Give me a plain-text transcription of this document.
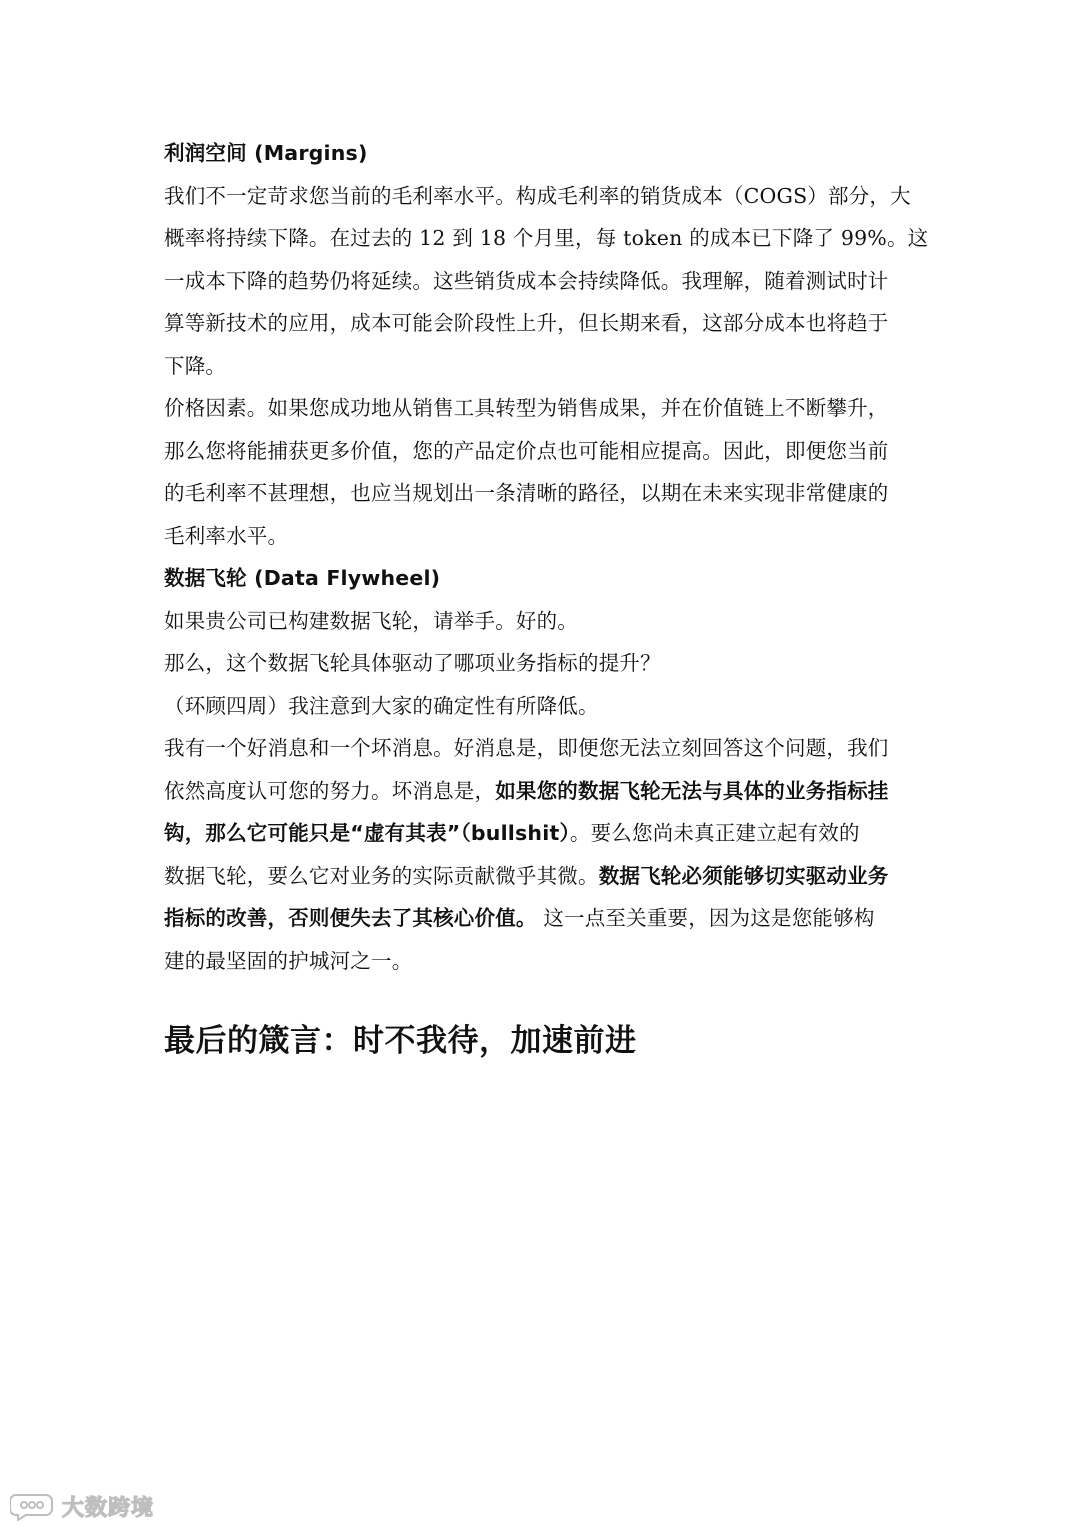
利润空间 (Margins)
我们不一定苛求您当前的毛利率水平。构成毛利率的销货成本（COGS）部分，大
概率将持续下降。在过去的 12 到 18 个月里，每 token 的成本已下降了 99%。这
一成本下降的趋势仍将延续。这些销货成本会持续降低。我理解，随着测试时计
算等新技术的应用，成本可能会阶段性上升，但长期来看，这部分成本也将趋于
下降。
价格因素。如果您成功地从销售工具转型为销售成果，并在价值链上不断攀升，
那么您将能捕获更多价值，您的产品定价点也可能相应提高。因此，即便您当前
的毛利率不甚理想，也应当规划出一条清晰的路径，以期在未来实现非常健康的
毛利率水平。
数据飞轮 (Data Flywheel)
如果贵公司已构建数据飞轮，请举手。好的。
那么，这个数据飞轮具体驱动了哪项业务指标的提升？
（环顾四周）我注意到大家的确定性有所降低。
我有一个好消息和一个坏消息。好消息是，即便您无法立刻回答这个问题，我们
依然高度认可您的努力。坏消息是，如果您的数据飞轮无法与具体的业务指标挂
钩，那么它可能只是“虚有其表”（bullshit）。要么您尚未真正建立起有效的
数据飞轮，要么它对业务的实际贡献微乎其微。数据飞轮必须能够切实驱动业务
指标的改善，否则便失去了其核心价值。 这一点至关重要，因为这是您能够构
建的最坚固的护城河之一。
最后的箴言：时不我待，加速前进
大数跨境
